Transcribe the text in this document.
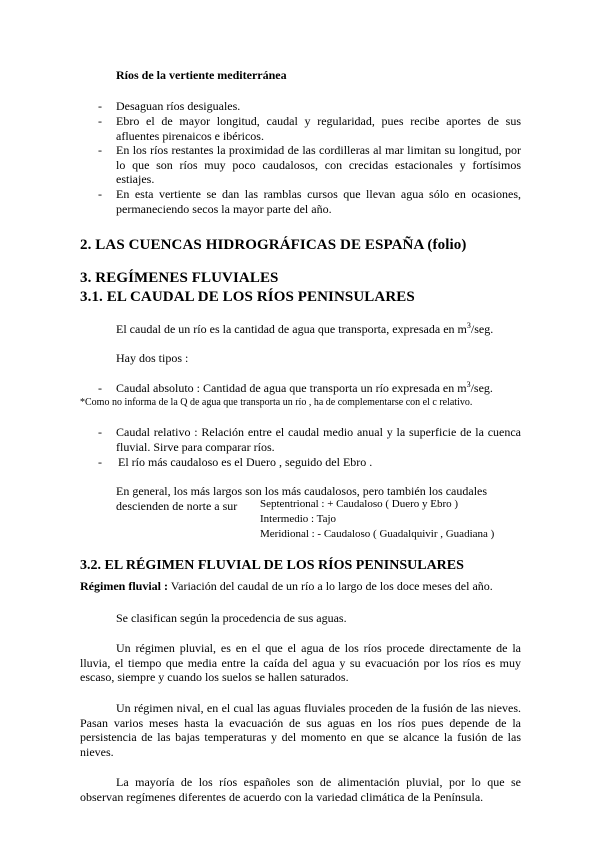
Ríos de la vertiente mediterránea
- Desaguan ríos desiguales.
- Ebro el de mayor longitud, caudal y regularidad, pues recibe aportes de sus afluentes pirenaicos e ibéricos.
- En los ríos restantes la proximidad de las cordilleras al mar limitan su longitud, por lo que son ríos muy poco caudalosos, con crecidas estacionales y fortísimos estiajes.
- En esta vertiente se dan las ramblas cursos que llevan agua sólo en ocasiones, permaneciendo secos la mayor parte del año.
2. LAS CUENCAS HIDROGRÁFICAS DE ESPAÑA (folio)
3. REGÍMENES FLUVIALES
3.1. EL CAUDAL DE LOS RÍOS PENINSULARES
El caudal de un río es la cantidad de agua que transporta, expresada en $m^3$/seg.
Hay dos tipos :
- Caudal absoluto : Cantidad de agua que transporta un río expresada en $m^3$/seg.
*Como no informa de la Q de agua que transporta un río , ha de complementarse con el c relativo.
- Caudal relativo : Relación entre el caudal medio anual y la superficie de la cuenca fluvial. Sirve para comparar ríos.
- El río más caudaloso es el Duero , seguido del Ebro .
En general, los más largos son los más caudalosos, pero también los caudales
descienden de norte a sur Septentrional : + Caudaloso ( Duero y Ebro )
Intermedio : Tajo
Meridional : - Caudaloso ( Guadalquivir , Guadiana )
3.2. EL RÉGIMEN FLUVIAL DE LOS RÍOS PENINSULARES
Régimen fluvial : Variación del caudal de un río a lo largo de los doce meses del año.
Se clasifican según la procedencia de sus aguas.
Un régimen pluvial, es en el que el agua de los ríos procede directamente de la lluvia, el tiempo que media entre la caída del agua y su evacuación por los ríos es muy escaso, siempre y cuando los suelos se hallen saturados.
Un régimen nival, en el cual las aguas fluviales proceden de la fusión de las nieves. Pasan varios meses hasta la evacuación de sus aguas en los ríos pues depende de la persistencia de las bajas temperaturas y del momento en que se alcance la fusión de las nieves.
La mayoría de los ríos españoles son de alimentación pluvial, por lo que se observan regímenes diferentes de acuerdo con la variedad climática de la Península.
